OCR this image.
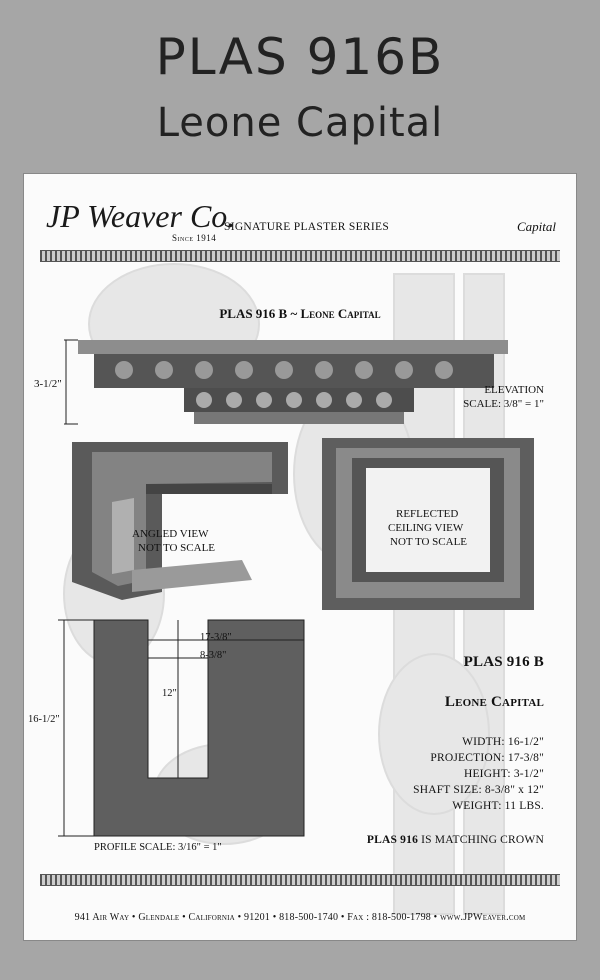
PLAS 916B
Leone Capital
JP Weaver Co.
Since 1914
SIGNATURE PLASTER SERIES	Capital
PLAS 916 B ~ Leone Capital
3-1/2"	ELEVATION
SCALE: 3/8" = 1"
ANGLED VIEW
NOT TO SCALE
REFLECTED
CEILING VIEW
NOT TO SCALE
17-3/8"
8-3/8"
12"
16-1/2"
PROFILE SCALE: 3/16" = 1"
PLAS 916 B
Leone Capital
WIDTH: 16-1/2"
PROJECTION: 17-3/8"
HEIGHT: 3-1/2"
SHAFT SIZE: 8-3/8" x 12"
WEIGHT: 11 LBS.
PLAS 916 IS MATCHING CROWN
941 Air Way • Glendale • California • 91201 • 818-500-1740 • Fax : 818-500-1798 • www.JPWeaver.com
